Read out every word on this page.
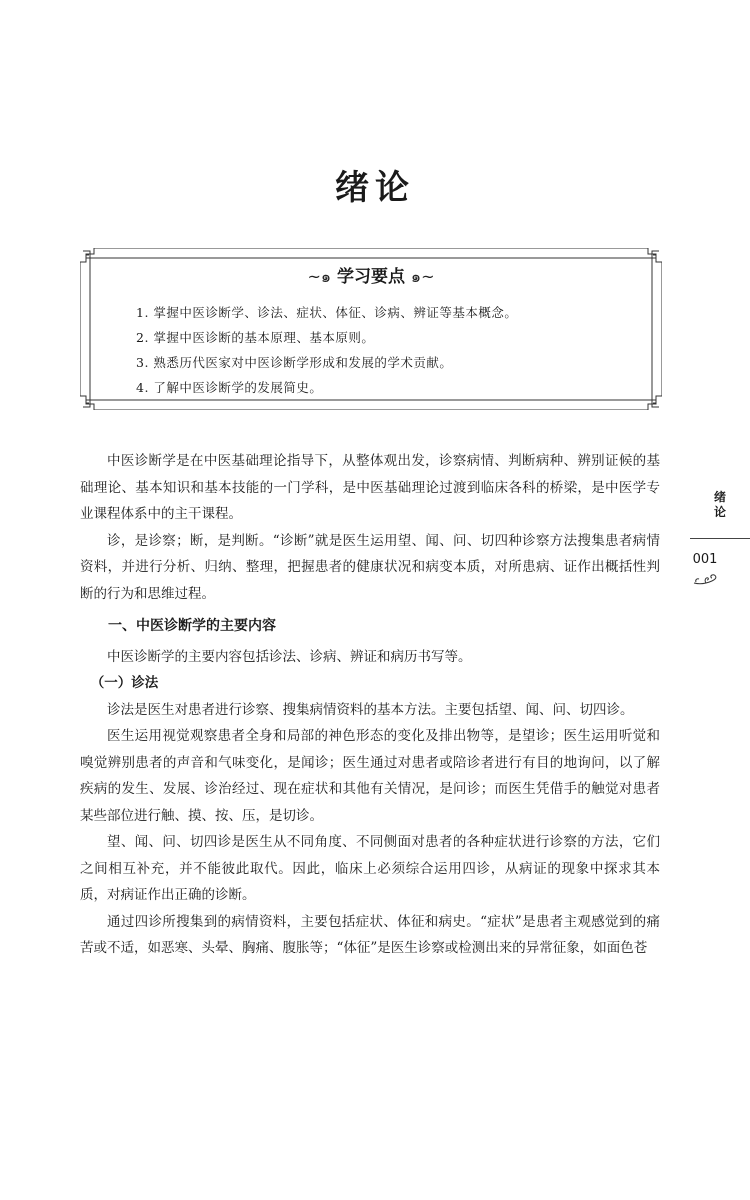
绪论
~๑ 学习要点 ๑~
1. 掌握中医诊断学、诊法、症状、体征、诊病、辨证等基本概念。
2. 掌握中医诊断的基本原理、基本原则。
3. 熟悉历代医家对中医诊断学形成和发展的学术贡献。
4. 了解中医诊断学的发展简史。

中医诊断学是在中医基础理论指导下，从整体观出发，诊察病情、判断病种、辨别证候的基础理论、基本知识和基本技能的一门学科，是中医基础理论过渡到临床各科的桥梁，是中医学专业课程体系中的主干课程。

诊，是诊察；断，是判断。“诊断”就是医生运用望、闻、问、切四种诊察方法搜集患者病情资料，并进行分析、归纳、整理，把握患者的健康状况和病变本质，对所患病、证作出概括性判断的行为和思维过程。

一、中医诊断学的主要内容

中医诊断学的主要内容包括诊法、诊病、辨证和病历书写等。

（一）诊法

诊法是医生对患者进行诊察、搜集病情资料的基本方法。主要包括望、闻、问、切四诊。

医生运用视觉观察患者全身和局部的神色形态的变化及排出物等，是望诊；医生运用听觉和嗅觉辨别患者的声音和气味变化，是闻诊；医生通过对患者或陪诊者进行有目的地询问，以了解疾病的发生、发展、诊治经过、现在症状和其他有关情况，是问诊；而医生凭借手的触觉对患者某些部位进行触、摸、按、压，是切诊。

望、闻、问、切四诊是医生从不同角度、不同侧面对患者的各种症状进行诊察的方法，它们之间相互补充，并不能彼此取代。因此，临床上必须综合运用四诊，从病证的现象中探求其本质，对病证作出正确的诊断。

通过四诊所搜集到的病情资料，主要包括症状、体征和病史。“症状”是患者主观感觉到的痛苦或不适，如恶寒、头晕、胸痛、腹胀等；“体征”是医生诊察或检测出来的异常征象，如面色苍

绪
论
001
